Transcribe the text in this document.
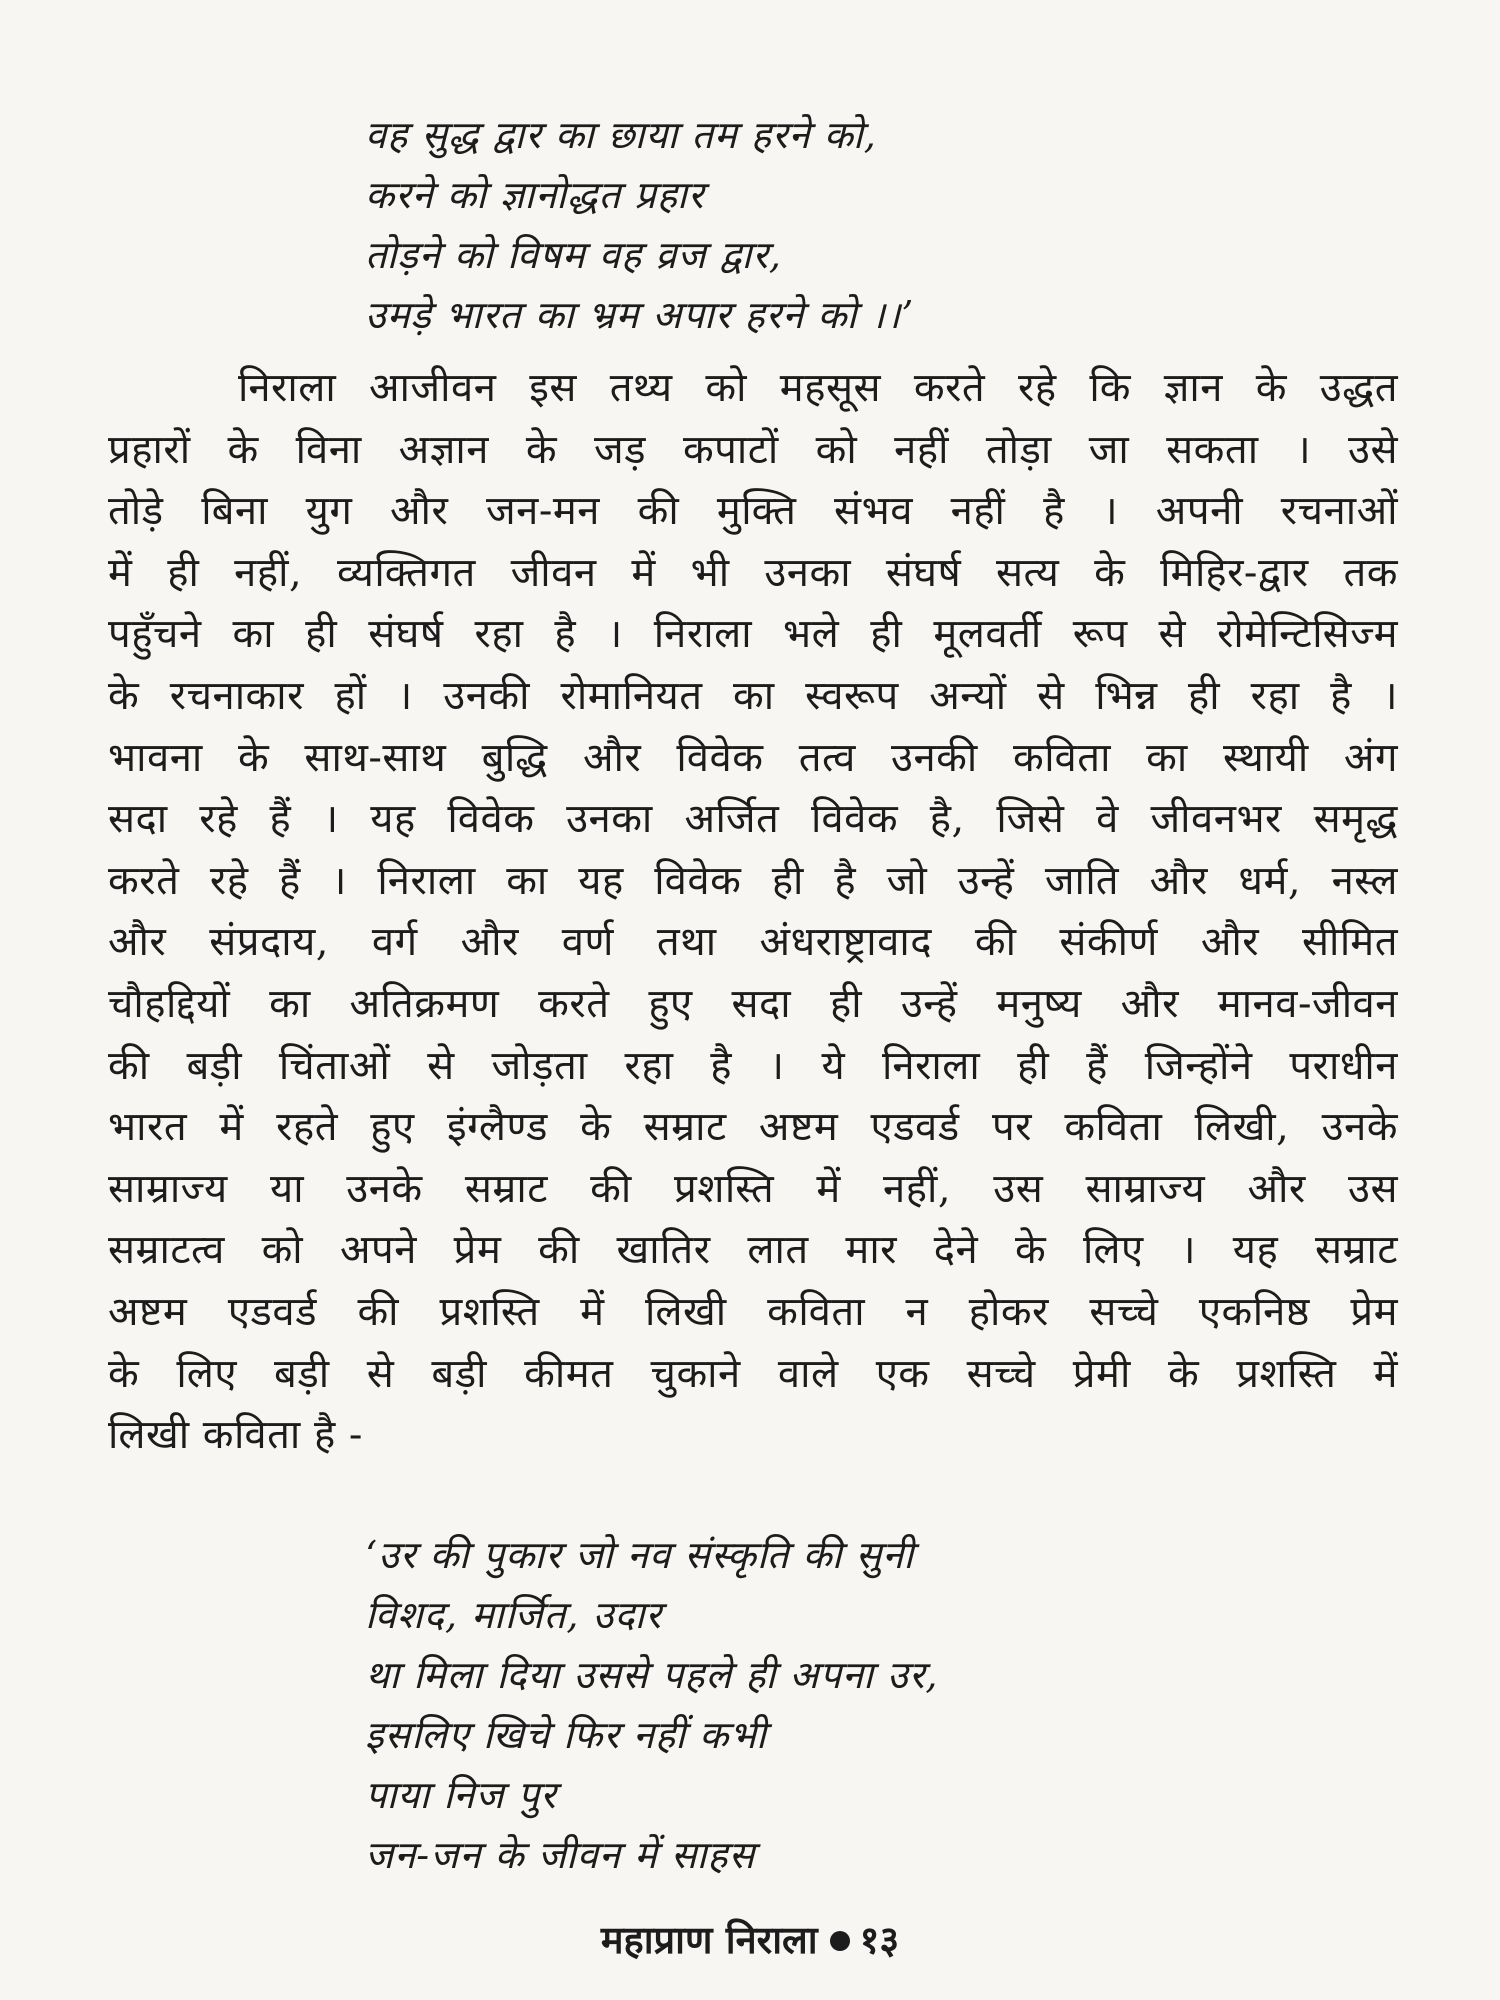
वह सुद्ध द्वार का छाया तम हरने को,
करने को ज्ञानोद्धत प्रहार
तोड़ने को विषम वह व्रज द्वार,
उमड़े भारत का भ्रम अपार हरने को ।।’
निराला आजीवन इस तथ्य को महसूस करते रहे कि ज्ञान के उद्धत
प्रहारों के विना अज्ञान के जड़ कपाटों को नहीं तोड़ा जा सकता । उसे
तोड़े बिना युग और जन-मन की मुक्ति संभव नहीं है । अपनी रचनाओं
में ही नहीं, व्यक्तिगत जीवन में भी उनका संघर्ष सत्य के मिहिर-द्वार तक
पहुँचने का ही संघर्ष रहा है । निराला भले ही मूलवर्ती रूप से रोमेन्टिसिज्म
के रचनाकार हों । उनकी रोमानियत का स्वरूप अन्यों से भिन्न ही रहा है ।
भावना के साथ-साथ बुद्धि और विवेक तत्व उनकी कविता का स्थायी अंग
सदा रहे हैं । यह विवेक उनका अर्जित विवेक है, जिसे वे जीवनभर समृद्ध
करते रहे हैं । निराला का यह विवेक ही है जो उन्हें जाति और धर्म, नस्ल
और संप्रदाय, वर्ग और वर्ण तथा अंधराष्ट्रावाद की संकीर्ण और सीमित
चौहद्दियों का अतिक्रमण करते हुए सदा ही उन्हें मनुष्य और मानव-जीवन
की बड़ी चिंताओं से जोड़ता रहा है । ये निराला ही हैं जिन्होंने पराधीन
भारत में रहते हुए इंग्लैण्ड के सम्राट अष्टम एडवर्ड पर कविता लिखी, उनके
साम्राज्य या उनके सम्राट की प्रशस्ति में नहीं, उस साम्राज्य और उस
सम्राटत्व को अपने प्रेम की खातिर लात मार देने के लिए । यह सम्राट
अष्टम एडवर्ड की प्रशस्ति में लिखी कविता न होकर सच्चे एकनिष्ठ प्रेम
के लिए बड़ी से बड़ी कीमत चुकाने वाले एक सच्चे प्रेमी के प्रशस्ति में
लिखी कविता है -
‘उर की पुकार जो नव संस्कृति की सुनी
विशद, मार्जित, उदार
था मिला दिया उससे पहले ही अपना उर,
इसलिए खिचे फिर नहीं कभी
पाया निज पुर
जन-जन के जीवन में साहस
महाप्राण निराला १३
